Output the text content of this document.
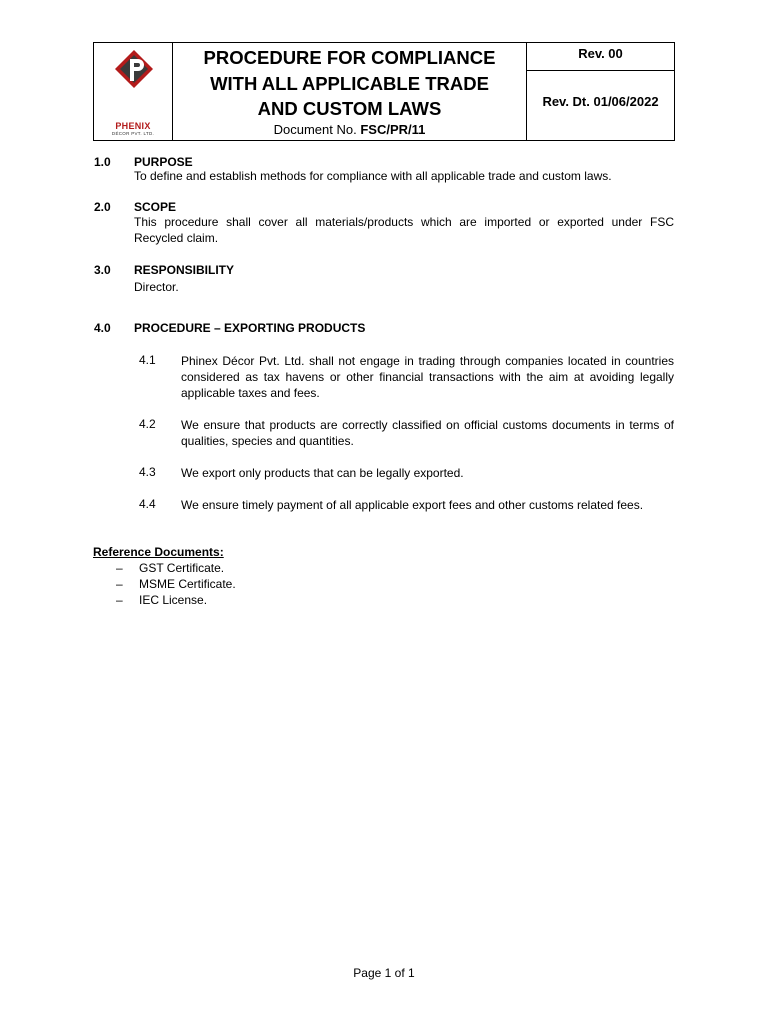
PHENIX
DÉCOR PVT. LTD.
PROCEDURE FOR COMPLIANCE
WITH ALL APPLICABLE TRADE
AND CUSTOM LAWS
Document No. FSC/PR/11
Rev. 00
Rev. Dt. 01/06/2022
1.0 PURPOSE
To define and establish methods for compliance with all applicable trade and custom laws.
2.0 SCOPE
This procedure shall cover all materials/products which are imported or exported under FSC Recycled claim.
3.0 RESPONSIBILITY
Director.
4.0 PROCEDURE – EXPORTING PRODUCTS
4.1 Phinex Décor Pvt. Ltd. shall not engage in trading through companies located in countries considered as tax havens or other financial transactions with the aim at avoiding legally applicable taxes and fees.
4.2 We ensure that products are correctly classified on official customs documents in terms of qualities, species and quantities.
4.3 We export only products that can be legally exported.
4.4 We ensure timely payment of all applicable export fees and other customs related fees.
Reference Documents:
– GST Certificate.
– MSME Certificate.
– IEC License.
Page 1 of 1
